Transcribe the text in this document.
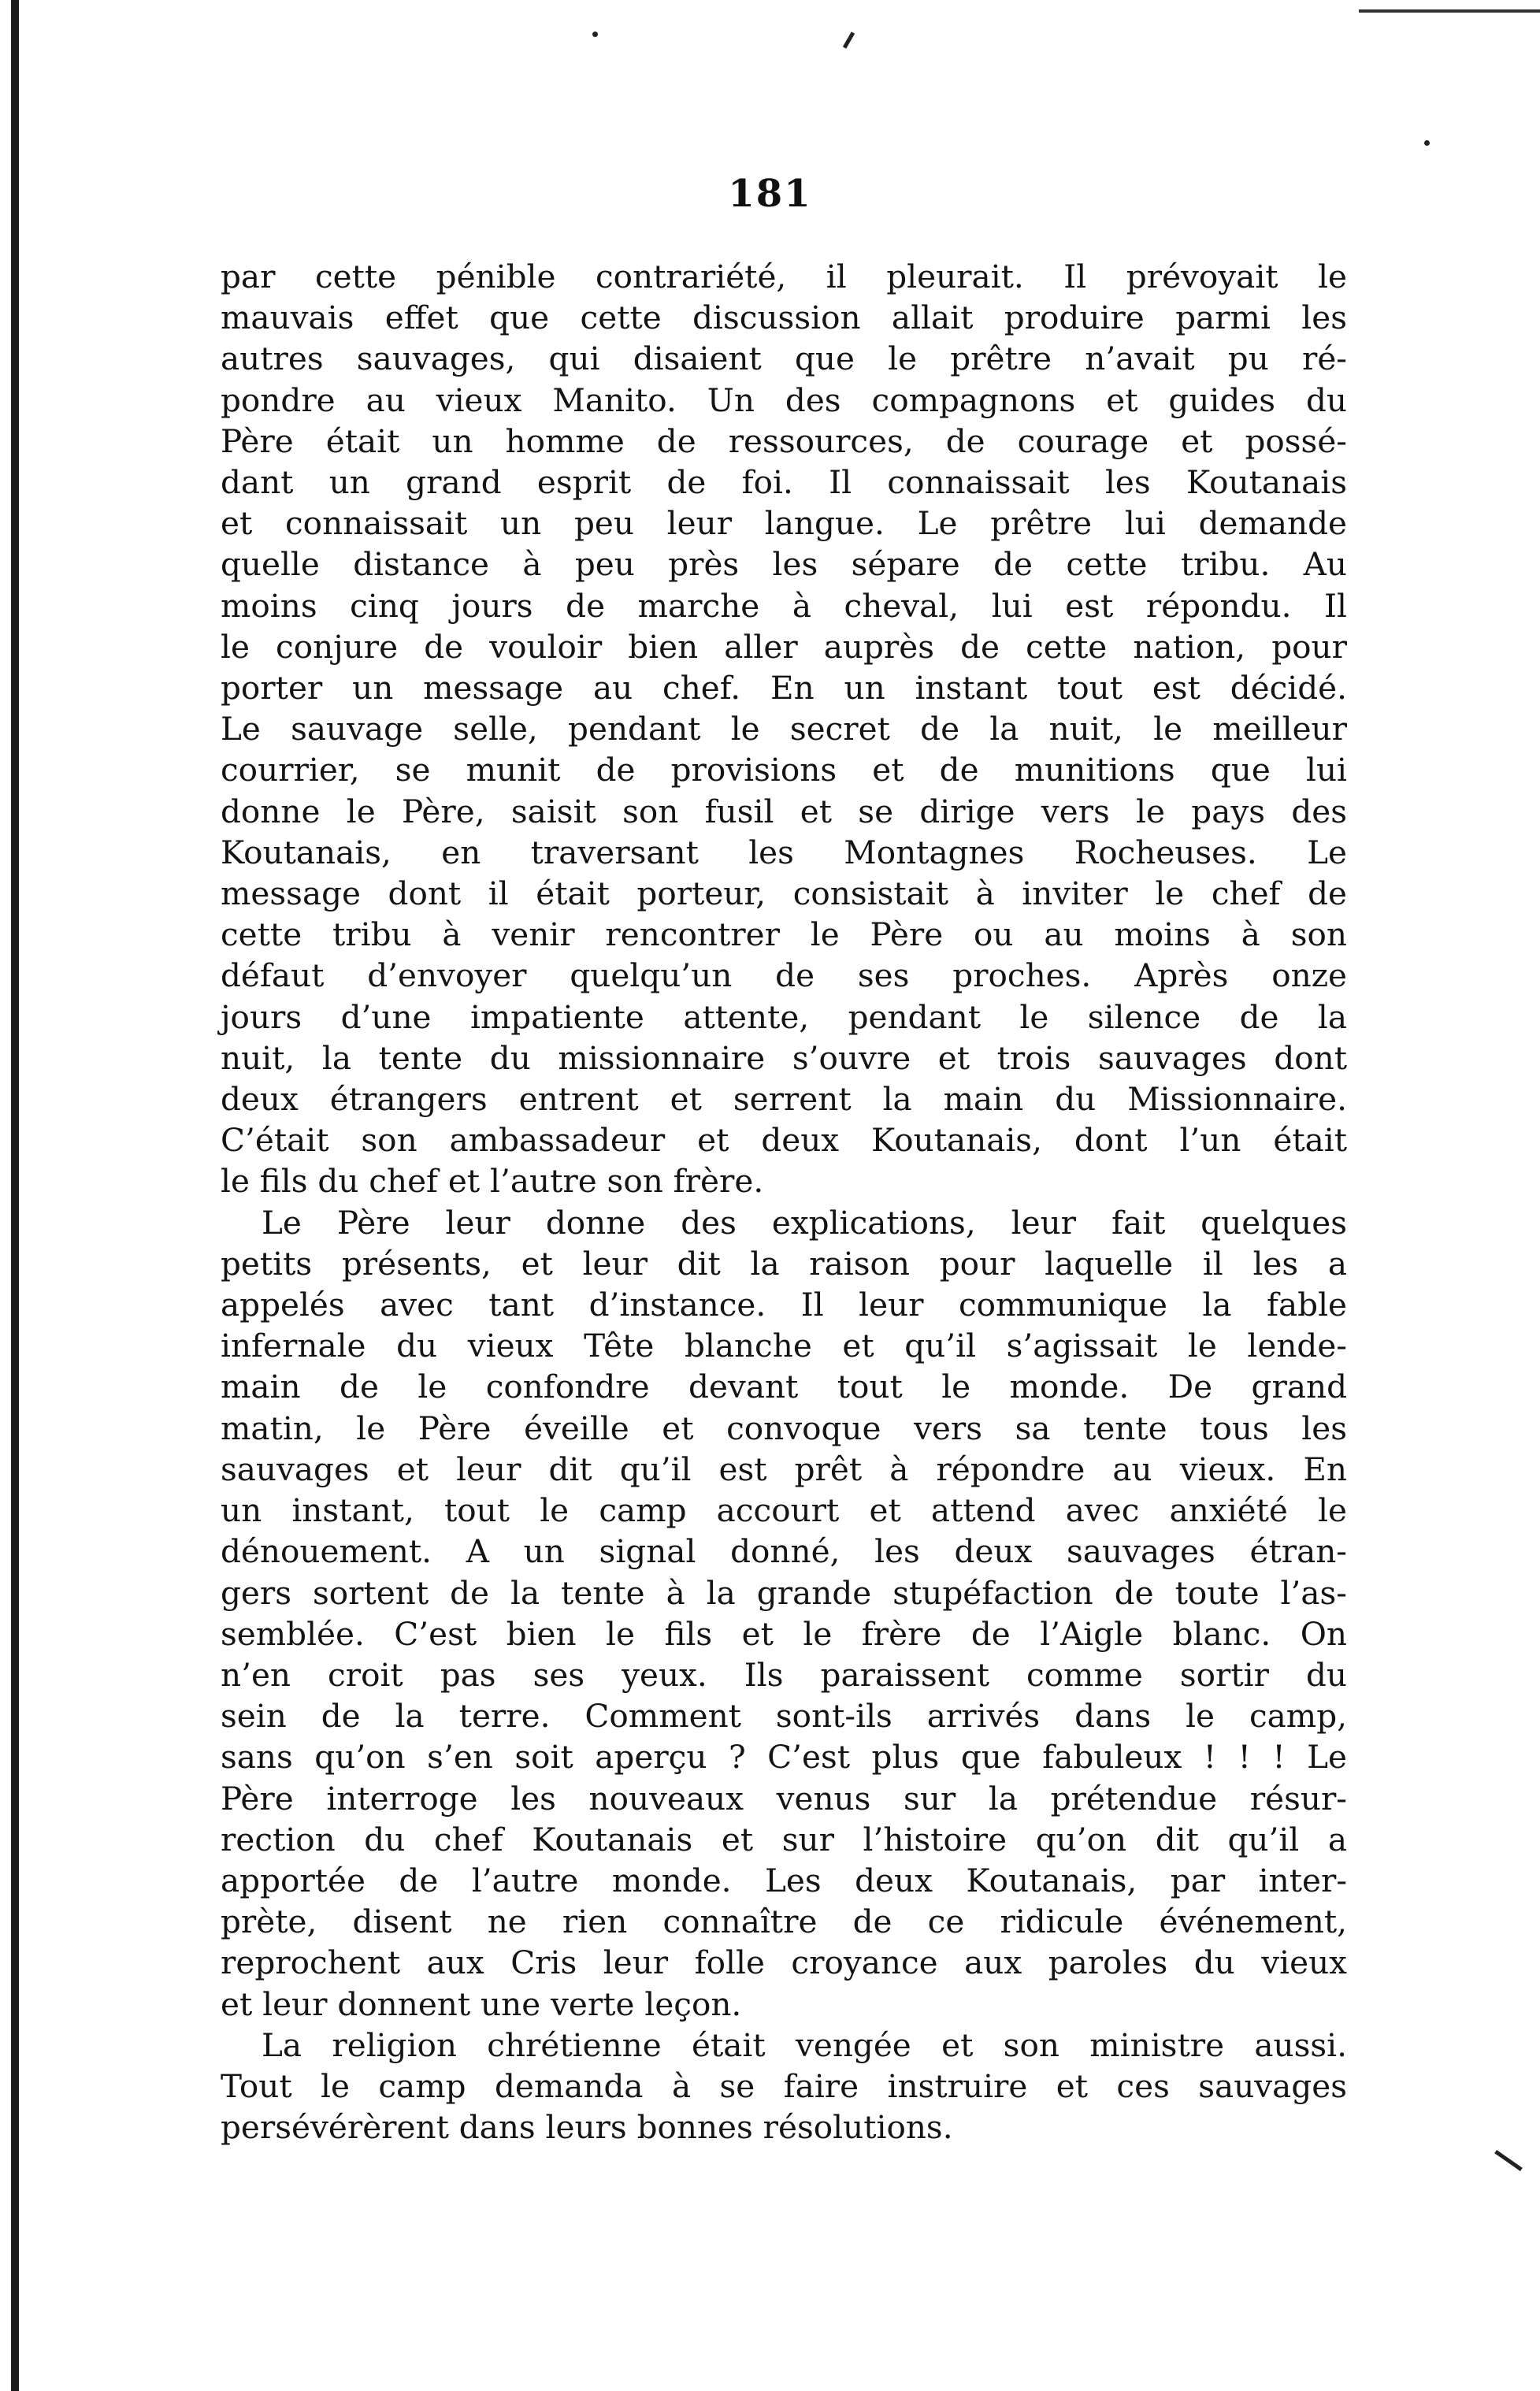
181
par cette pénible contrariété, il pleurait. Il prévoyait le
mauvais effet que cette discussion allait produire parmi les
autres sauvages, qui disaient que le prêtre n’avait pu ré-
pondre au vieux Manito. Un des compagnons et guides du
Père était un homme de ressources, de courage et possé-
dant un grand esprit de foi. Il connaissait les Koutanais
et connaissait un peu leur langue. Le prêtre lui demande
quelle distance à peu près les sépare de cette tribu. Au
moins cinq jours de marche à cheval, lui est répondu. Il
le conjure de vouloir bien aller auprès de cette nation, pour
porter un message au chef. En un instant tout est décidé.
Le sauvage selle, pendant le secret de la nuit, le meilleur
courrier, se munit de provisions et de munitions que lui
donne le Père, saisit son fusil et se dirige vers le pays des
Koutanais, en traversant les Montagnes Rocheuses. Le
message dont il était porteur, consistait à inviter le chef de
cette tribu à venir rencontrer le Père ou au moins à son
défaut d’envoyer quelqu’un de ses proches. Après onze
jours d’une impatiente attente, pendant le silence de la
nuit, la tente du missionnaire s’ouvre et trois sauvages dont
deux étrangers entrent et serrent la main du Missionnaire.
C’était son ambassadeur et deux Koutanais, dont l’un était
le fils du chef et l’autre son frère.
Le Père leur donne des explications, leur fait quelques
petits présents, et leur dit la raison pour laquelle il les a
appelés avec tant d’instance. Il leur communique la fable
infernale du vieux Tête blanche et qu’il s’agissait le lende-
main de le confondre devant tout le monde. De grand
matin, le Père éveille et convoque vers sa tente tous les
sauvages et leur dit qu’il est prêt à répondre au vieux. En
un instant, tout le camp accourt et attend avec anxiété le
dénouement. A un signal donné, les deux sauvages étran-
gers sortent de la tente à la grande stupéfaction de toute l’as-
semblée. C’est bien le fils et le frère de l’Aigle blanc. On
n’en croit pas ses yeux. Ils paraissent comme sortir du
sein de la terre. Comment sont-ils arrivés dans le camp,
sans qu’on s’en soit aperçu ? C’est plus que fabuleux ! ! ! Le
Père interroge les nouveaux venus sur la prétendue résur-
rection du chef Koutanais et sur l’histoire qu’on dit qu’il a
apportée de l’autre monde. Les deux Koutanais, par inter-
prète, disent ne rien connaître de ce ridicule événement,
reprochent aux Cris leur folle croyance aux paroles du vieux
et leur donnent une verte leçon.
La religion chrétienne était vengée et son ministre aussi.
Tout le camp demanda à se faire instruire et ces sauvages
persévérèrent dans leurs bonnes résolutions.
